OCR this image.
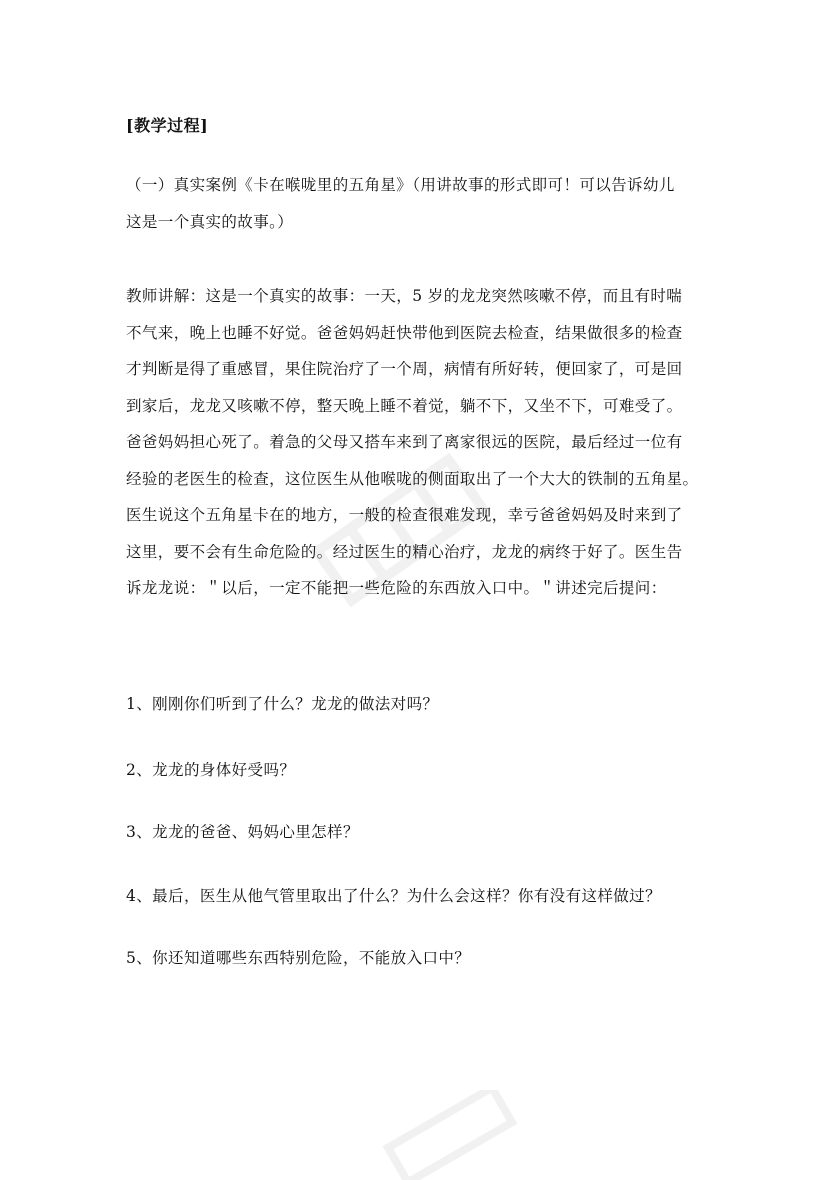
[教学过程]

（一）真实案例《卡在喉咙里的五角星》（用讲故事的形式即可！可以告诉幼儿
这是一个真实的故事。）

教师讲解：这是一个真实的故事：一天，5 岁的龙龙突然咳嗽不停，而且有时喘
不气来，晚上也睡不好觉。爸爸妈妈赶快带他到医院去检查，结果做很多的检查
才判断是得了重感冒，果住院治疗了一个周，病情有所好转，便回家了，可是回
到家后，龙龙又咳嗽不停，整天晚上睡不着觉，躺不下，又坐不下，可难受了。
爸爸妈妈担心死了。着急的父母又搭车来到了离家很远的医院，最后经过一位有
经验的老医生的检查，这位医生从他喉咙的侧面取出了一个大大的铁制的五角星。
医生说这个五角星卡在的地方，一般的检查很难发现，幸亏爸爸妈妈及时来到了
这里，要不会有生命危险的。经过医生的精心治疗，龙龙的病终于好了。医生告
诉龙龙说：＂以后，一定不能把一些危险的东西放入口中。＂讲述完后提问：

1、刚刚你们听到了什么？龙龙的做法对吗？
2、龙龙的身体好受吗？
3、龙龙的爸爸、妈妈心里怎样？
4、最后，医生从他气管里取出了什么？为什么会这样？你有没有这样做过？
5、你还知道哪些东西特别危险，不能放入口中？
